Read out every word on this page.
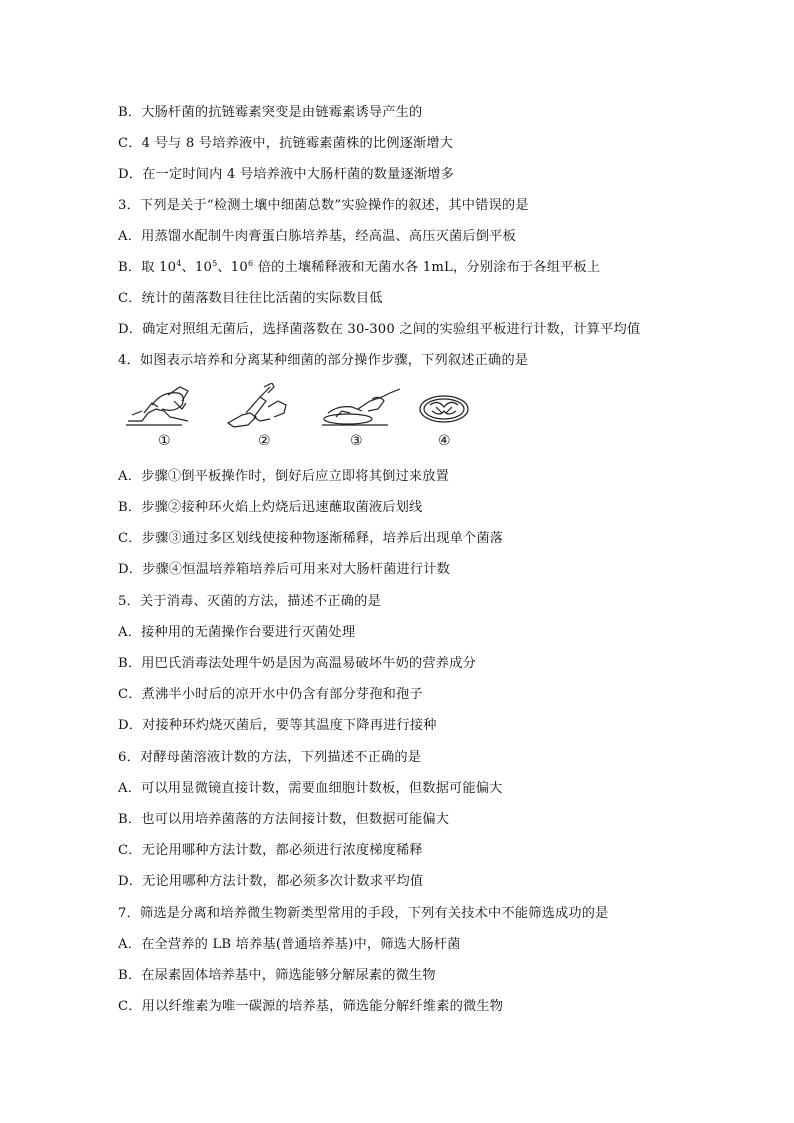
B．大肠杆菌的抗链霉素突变是由链霉素诱导产生的
C．4 号与 8 号培养液中，抗链霉素菌株的比例逐渐增大
D．在一定时间内 4 号培养液中大肠杆菌的数量逐渐增多
3．下列是关于“检测土壤中细菌总数”实验操作的叙述，其中错误的是
A．用蒸馏水配制牛肉膏蛋白胨培养基，经高温、高压灭菌后倒平板
B．取 $10^4$、$10^5$、$10^6$ 倍的土壤稀释液和无菌水各 1mL，分别涂布于各组平板上
C．统计的菌落数目往往比活菌的实际数目低
D．确定对照组无菌后，选择菌落数在 30-300 之间的实验组平板进行计数，计算平均值
4．如图表示培养和分离某种细菌的部分操作步骤，下列叙述正确的是
①	②	③	④
A．步骤①倒平板操作时，倒好后应立即将其倒过来放置
B．步骤②接种环火焰上灼烧后迅速蘸取菌液后划线
C．步骤③通过多区划线使接种物逐渐稀释，培养后出现单个菌落
D．步骤④恒温培养箱培养后可用来对大肠杆菌进行计数
5．关于消毒、灭菌的方法，描述不正确的是
A．接种用的无菌操作台要进行灭菌处理
B．用巴氏消毒法处理牛奶是因为高温易破坏牛奶的营养成分
C．煮沸半小时后的凉开水中仍含有部分芽孢和孢子
D．对接种环灼烧灭菌后，要等其温度下降再进行接种
6．对酵母菌溶液计数的方法，下列描述不正确的是
A．可以用显微镜直接计数，需要血细胞计数板，但数据可能偏大
B．也可以用培养菌落的方法间接计数，但数据可能偏大
C．无论用哪种方法计数，都必须进行浓度梯度稀释
D．无论用哪种方法计数，都必须多次计数求平均值
7．筛选是分离和培养微生物新类型常用的手段，下列有关技术中不能筛选成功的是
A．在全营养的 LB 培养基(普通培养基)中，筛选大肠杆菌
B．在尿素固体培养基中，筛选能够分解尿素的微生物
C．用以纤维素为唯一碳源的培养基，筛选能分解纤维素的微生物
